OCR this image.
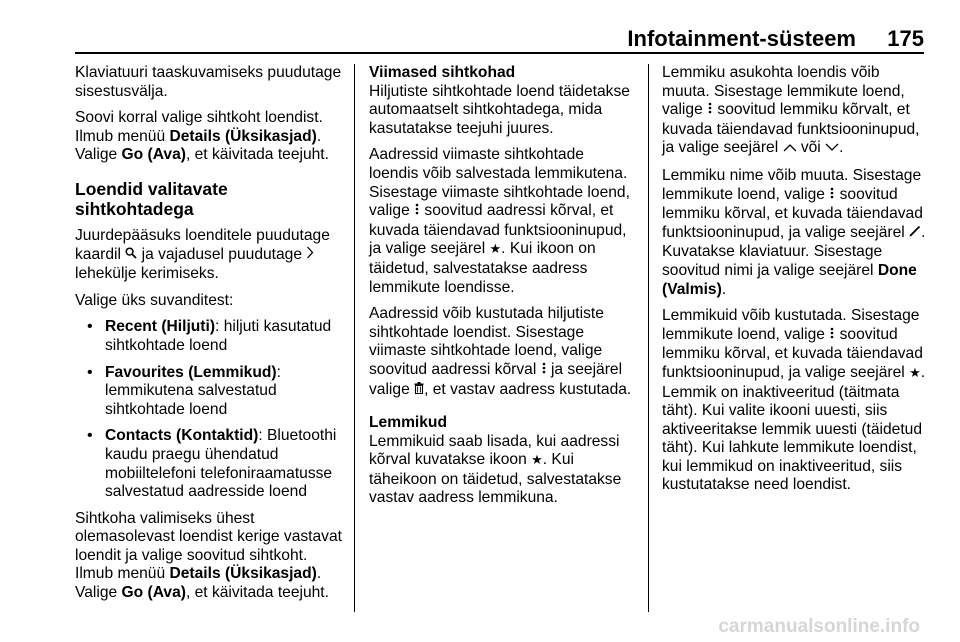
Infotainment-süsteem 175

Klaviatuuri taaskuvamiseks puudutage sisestusvälja.

Soovi korral valige sihtkoht loendist. Ilmub menüü Details (Üksikasjad). Valige Go (Ava), et käivitada teejuht.

Loendid valitavate sihtkohtadega

Juurdepääsuks loenditele puudutage kaardil  ja vajadusel puudutage  lehekülje kerimiseks.

Valige üks suvanditest:

• Recent (Hiljuti): hiljuti kasutatud sihtkohtade loend
• Favourites (Lemmikud): lemmikutena salvestatud sihtkohtade loend
• Contacts (Kontaktid): Bluetoothi kaudu praegu ühendatud mobiiltelefoni telefoniraamatusse salvestatud aadresside loend

Sihtkoha valimiseks ühest olemasolevast loendist kerige vastavat loendit ja valige soovitud sihtkoht. Ilmub menüü Details (Üksikasjad). Valige Go (Ava), et käivitada teejuht.

Viimased sihtkohad

Hiljutiste sihtkohtade loend täidetakse automaatselt sihtkohtadega, mida kasutatakse teejuhi juures.

Aadressid viimaste sihtkohtade loendis võib salvestada lemmikutena. Sisestage viimaste sihtkohtade loend, valige  soovitud aadressi kõrval, et kuvada täiendavad funktsiooninupud, ja valige seejärel ★. Kui ikoon on täidetud, salvestatakse aadress lemmikute loendisse.

Aadressid võib kustutada hiljutiste sihtkohtade loendist. Sisestage viimaste sihtkohtade loend, valige soovitud aadressi kõrval  ja seejärel valige , et vastav aadress kustutada.

Lemmikud

Lemmikuid saab lisada, kui aadressi kõrval kuvatakse ikoon ★. Kui täheikoon on täidetud, salvestatakse vastav aadress lemmikuna.

Lemmiku asukohta loendis võib muuta. Sisestage lemmikute loend, valige  soovitud lemmiku kõrvalt, et kuvada täiendavad funktsiooninupud, ja valige seejärel  või .

Lemmiku nime võib muuta. Sisestage lemmikute loend, valige  soovitud lemmiku kõrval, et kuvada täiendavad funktsiooninupud, ja valige seejärel . Kuvatakse klaviatuur. Sisestage soovitud nimi ja valige seejärel Done (Valmis).

Lemmikuid võib kustutada. Sisestage lemmikute loend, valige  soovitud lemmiku kõrval, et kuvada täiendavad funktsiooninupud, ja valige seejärel ★. Lemmik on inaktiveeritud (täitmata täht). Kui valite ikooni uuesti, siis aktiveeritakse lemmik uuesti (täidetud täht). Kui lahkute lemmikute loendist, kui lemmikud on inaktiveeritud, siis kustutatakse need loendist.

carmanualsonline.info
